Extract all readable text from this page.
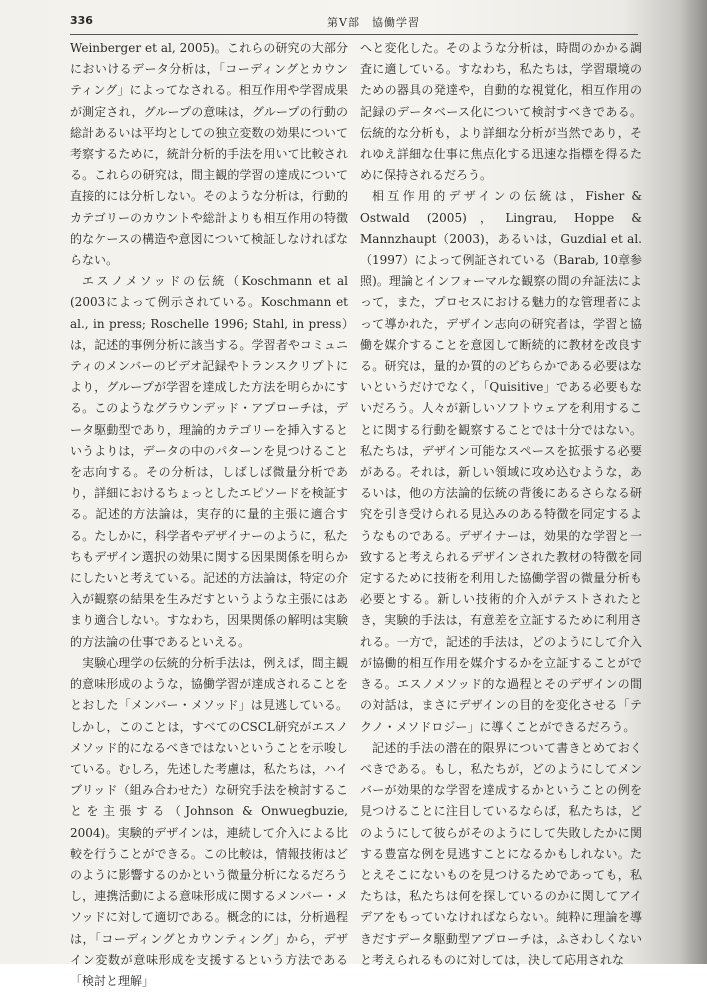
336	第Ⅴ部　協働学習

Weinberger et al, 2005)。これらの研究の大部分においけるデータ分析は，「コーディングとカウンティング」によってなされる。相互作用や学習成果が測定され，グループの意味は，グループの行動の総計あるいは平均としての独立変数の効果について考察するために，統計分析的手法を用いて比較される。これらの研究は，間主観的学習の達成について直接的には分析しない。そのような分析は，行動的カテゴリーのカウントや総計よりも相互作用の特徴的なケースの構造や意図について検証しなければならない。

エスノメソッドの伝統（Koschmann et al (2003によって例示されている。Koschmann et al., in press; Roschelle 1996; Stahl, in press）は，記述的事例分析に該当する。学習者やコミュニティのメンバーのビデオ記録やトランスクリプトにより，グループが学習を達成した方法を明らかにする。このようなグラウンデッド・アプローチは，データ駆動型であり，理論的カテゴリーを挿入するというよりは，データの中のパターンを見つけることを志向する。その分析は，しばしば微量分析であり，詳細におけるちょっとしたエピソードを検証する。記述的方法論は，実存的に量的主張に適合する。たしかに，科学者やデザイナーのように，私たちもデザイン選択の効果に関する因果関係を明らかにしたいと考えている。記述的方法論は，特定の介入が観察の結果を生みだすというような主張にはあまり適合しない。すなわち，因果関係の解明は実験的方法論の仕事であるといえる。

実験心理学の伝統的分析手法は，例えば，間主観的意味形成のような，協働学習が達成されることをとおした「メンバー・メソッド」は見逃している。しかし，このことは，すべてのCSCL研究がエスノメソッド的になるべきではないということを示唆している。むしろ，先述した考慮は，私たちは，ハイブリッド（組み合わせた）な研究手法を検討することを主張する（Johnson & Onwuegbuzie, 2004)。実験的デザインは，連続して介入による比較を行うことができる。この比較は，情報技術はどのように影響するのかという微量分析になるだろうし，連携活動による意味形成に関するメンバー・メソッドに対して適切である。概念的には，分析過程は，「コーディングとカウンティング」から，デザイン変数が意味形成を支援するという方法である「検討と理解」

へと変化した。そのような分析は，時間のかかる調査に適している。すなわち，私たちは，学習環境のための器具の発達や，自動的な視覚化，相互作用の記録のデータベース化について検討すべきである。伝統的な分析も，より詳細な分析が当然であり，それゆえ詳細な仕事に焦点化する迅速な指標を得るために保持されるだろう。

相互作用的デザインの伝統は，Fisher & Ostwald (2005)，Lingrau, Hoppe & Mannzhaupt（2003)，あるいは，Guzdial et al.（1997）によって例証されている（Barab, 10章参照)。理論とインフォーマルな観察の間の弁証法によって，また，プロセスにおける魅力的な管理者によって導かれた，デザイン志向の研究者は，学習と協働を媒介することを意図して断続的に教材を改良する。研究は，量的か質的のどちらかである必要はないというだけでなく，「Quisitive」である必要もないだろう。人々が新しいソフトウェアを利用することに関する行動を観察することでは十分ではない。私たちは，デザイン可能なスペースを拡張する必要がある。それは，新しい領域に攻め込むような，あるいは，他の方法論的伝統の背後にあるさらなる研究を引き受けられる見込みのある特徴を同定するようなものである。デザイナーは，効果的な学習と一致すると考えられるデザインされた教材の特徴を同定するために技術を利用した協働学習の微量分析も必要とする。新しい技術的介入がテストされたとき，実験的手法は，有意差を立証するために利用される。一方で，記述的手法は，どのようにして介入が協働的相互作用を媒介するかを立証することができる。エスノメソッド的な過程とそのデザインの間の対話は，まさにデザインの目的を変化させる「テクノ・メソドロジー」に導くことができるだろう。

記述的手法の潜在的限界について書きとめておくべきである。もし，私たちが，どのようにしてメンバーが効果的な学習を達成するかということの例を見つけることに注目しているならば，私たちは，どのようにして彼らがそのようにして失敗したかに関する豊富な例を見逃すことになるかもしれない。たとえそこにないものを見つけるためであっても，私たちは，私たちは何を探しているのかに関してアイデアをもっていなければならない。純粋に理論を導きだすデータ駆動型アプローチは，ふさわしくないと考えられるものに対しては，決して応用されな
